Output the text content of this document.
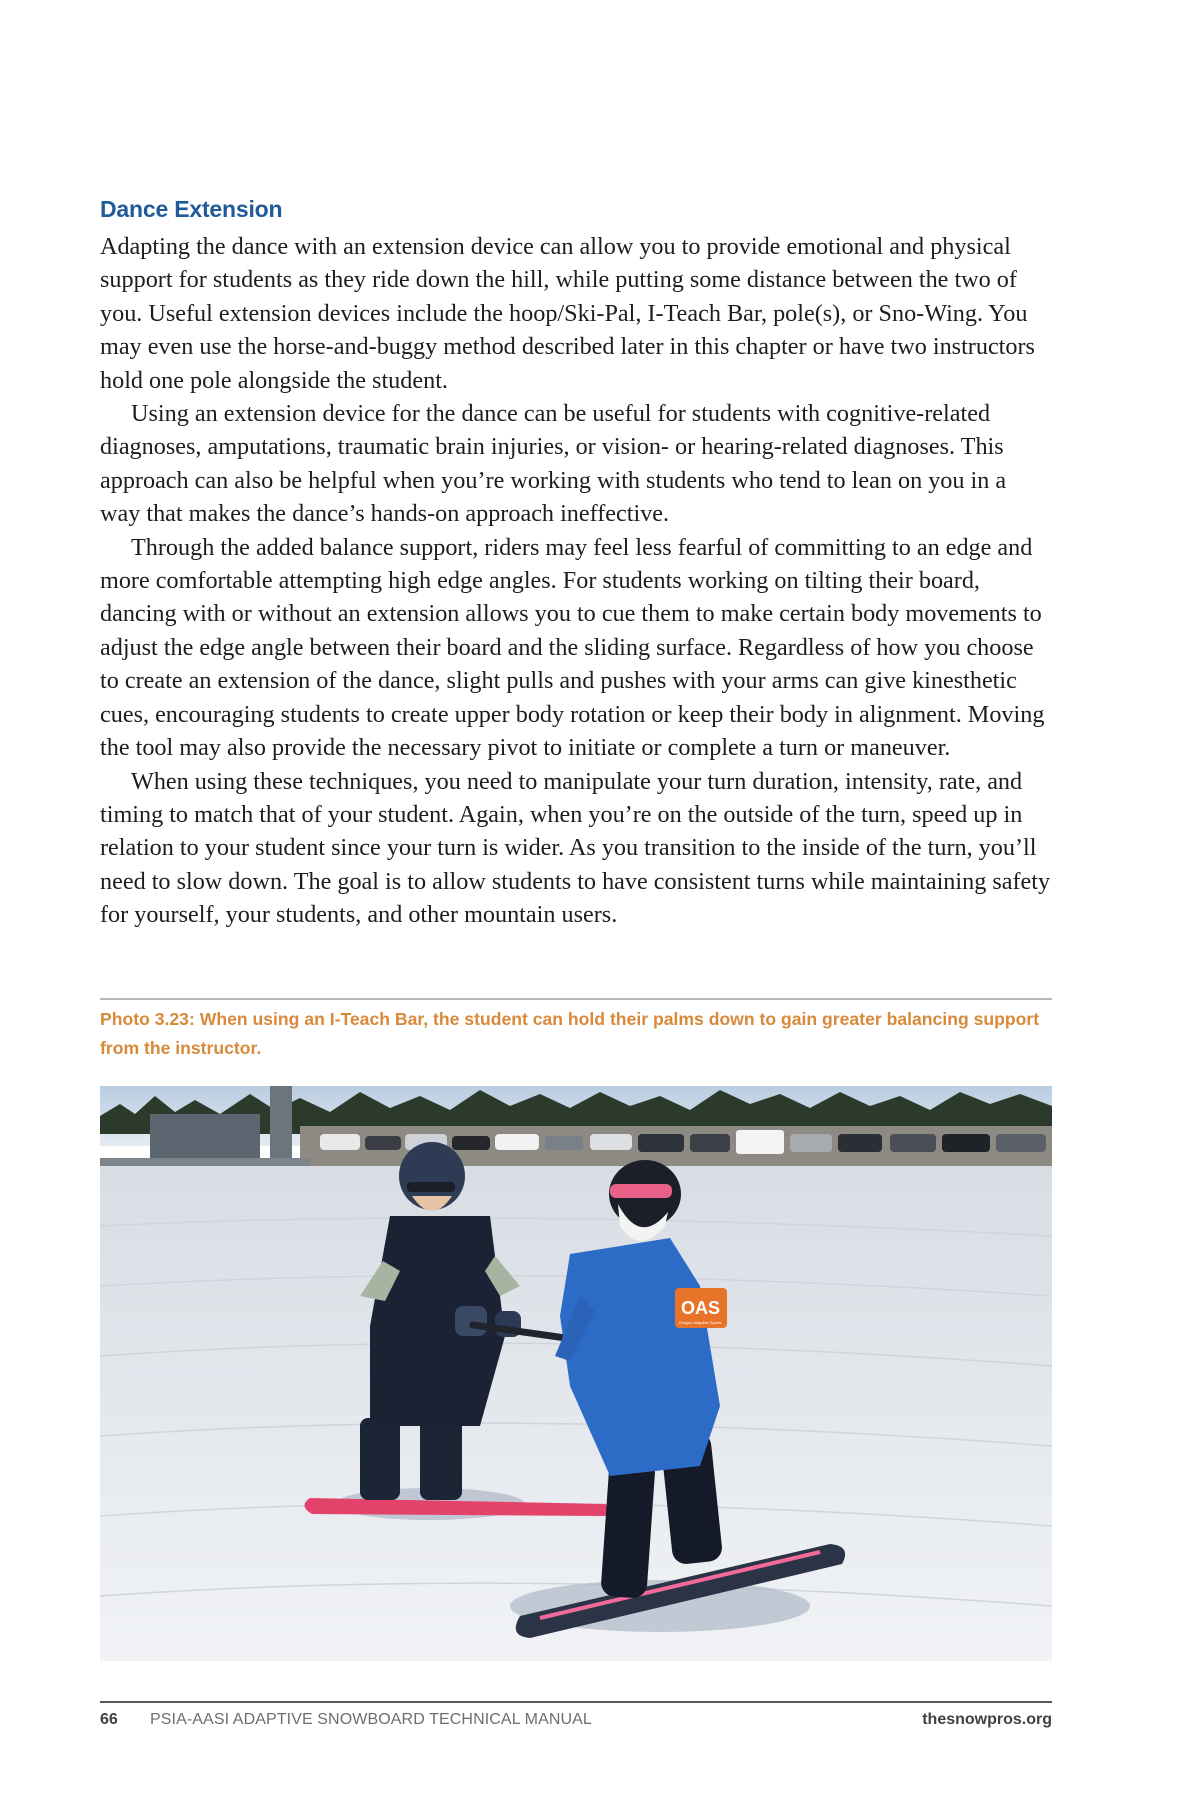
Dance Extension

Adapting the dance with an extension device can allow you to provide emotional and physical support for students as they ride down the hill, while putting some distance between the two of you. Useful extension devices include the hoop/Ski-Pal, I-Teach Bar, pole(s), or Sno-Wing. You may even use the horse-and-buggy method described later in this chapter or have two instructors hold one pole alongside the student.

Using an extension device for the dance can be useful for students with cognitive-related diagnoses, amputations, traumatic brain injuries, or vision- or hearing-related diagnoses. This approach can also be helpful when you’re working with students who tend to lean on you in a way that makes the dance’s hands-on approach ineffective.

Through the added balance support, riders may feel less fearful of committing to an edge and more comfortable attempting high edge angles. For students working on tilting their board, dancing with or without an extension allows you to cue them to make certain body movements to adjust the edge angle between their board and the sliding surface. Regardless of how you choose to create an extension of the dance, slight pulls and pushes with your arms can give kinesthetic cues, encouraging students to create upper body rotation or keep their body in alignment. Moving the tool may also provide the necessary pivot to initiate or complete a turn or maneuver.

When using these techniques, you need to manipulate your turn duration, intensity, rate, and timing to match that of your student. Again, when you’re on the outside of the turn, speed up in relation to your student since your turn is wider. As you transition to the inside of the turn, you’ll need to slow down. The goal is to allow students to have consistent turns while maintaining safety for yourself, your students, and other mountain users.

Photo 3.23: When using an I-Teach Bar, the student can hold their palms down to gain greater balancing support from the instructor.
OAS
Oregon Adaptive Sports
66 PSIA-AASI ADAPTIVE SNOWBOARD TECHNICAL MANUAL	thesnowpros.org
